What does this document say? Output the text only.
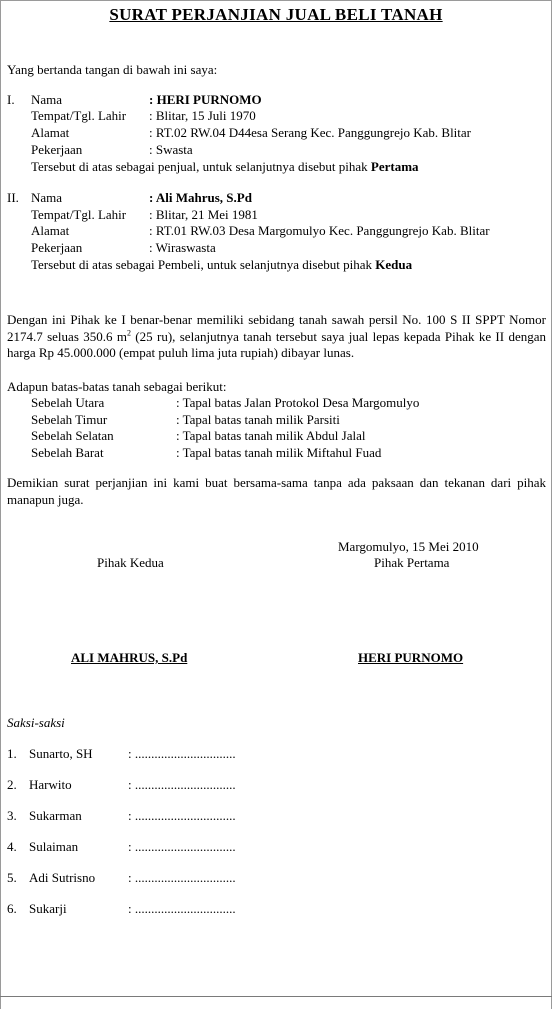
SURAT PERJANJIAN JUAL BELI TANAH
Yang bertanda tangan di bawah ini saya:
I. Nama	: HERI PURNOMO
Tempat/Tgl. Lahir : Blitar, 15 Juli 1970
Alamat	: RT.02 RW.04 D44esa Serang Kec. Panggungrejo Kab. Blitar
Pekerjaan	: Swasta
Tersebut di atas sebagai penjual, untuk selanjutnya disebut pihak Pertama
II. Nama	: Ali Mahrus, S.Pd
Tempat/Tgl. Lahir : Blitar, 21 Mei 1981
Alamat	: RT.01 RW.03 Desa Margomulyo Kec. Panggungrejo Kab. Blitar
Pekerjaan	: Wiraswasta
Tersebut di atas sebagai Pembeli, untuk selanjutnya disebut pihak Kedua
Dengan ini Pihak ke I benar-benar memiliki sebidang tanah sawah persil No. 100 S II SPPT Nomor 2174.7 seluas 350.6 $m^2$ (25 ru), selanjutnya tanah tersebut saya jual lepas kepada Pihak ke II dengan harga Rp 45.000.000 (empat puluh lima juta rupiah) dibayar lunas.
Adapun batas-batas tanah sebagai berikut:
Sebelah Utara	: Tapal batas Jalan Protokol Desa Margomulyo
Sebelah Timur	: Tapal batas tanah milik Parsiti
Sebelah Selatan	: Tapal batas tanah milik Abdul Jalal
Sebelah Barat	: Tapal batas tanah milik Miftahul Fuad
Demikian surat perjanjian ini kami buat bersama-sama tanpa ada paksaan dan tekanan dari pihak manapun juga.
Margomulyo, 15 Mei 2010
Pihak Kedua	Pihak Pertama
ALI MAHRUS, S.Pd	HERI PURNOMO
Saksi-saksi
1. Sunarto, SH	: ...............................
2. Harwito	: ...............................
3. Sukarman	: ...............................
4. Sulaiman	: ...............................
5. Adi Sutrisno	: ...............................
6. Sukarji	: ...............................
